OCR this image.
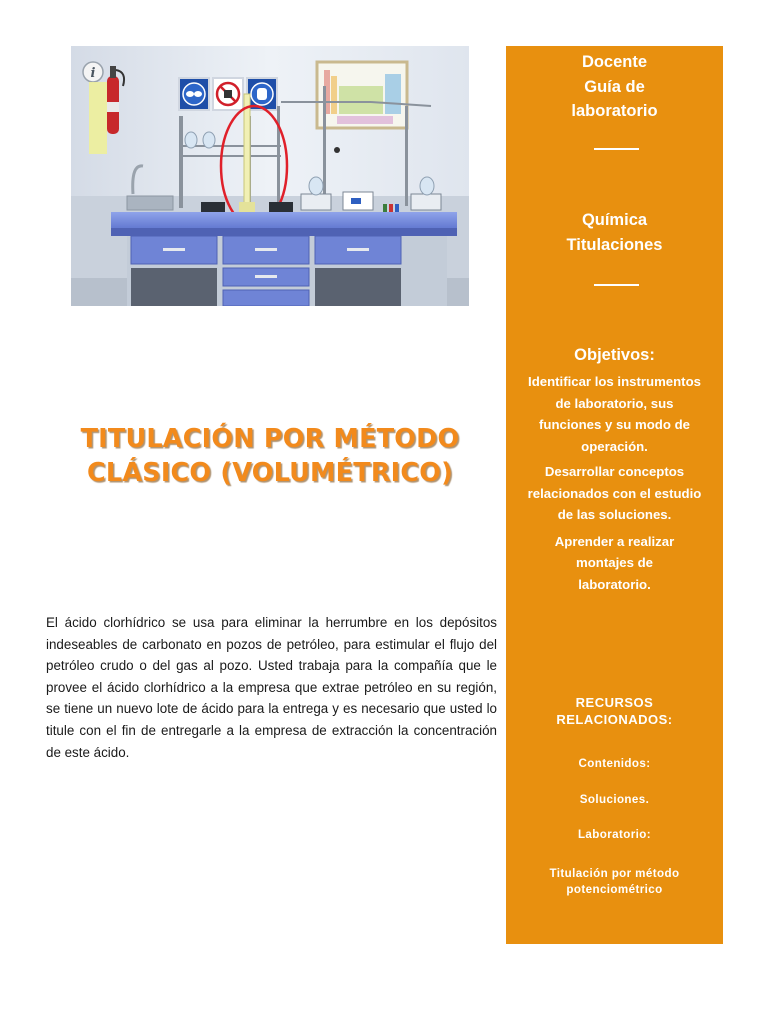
i
TITULACIÓN POR MÉTODO
CLÁSICO (VOLUMÉTRICO)

El ácido clorhídrico se usa para eliminar la herrumbre en los depósitos indeseables de carbonato en pozos de petróleo, para estimular el flujo del petróleo crudo o del gas al pozo. Usted trabaja para la compañía que le provee el ácido clorhídrico a la empresa que extrae petróleo en su región, se tiene un nuevo lote de ácido para la entrega y es necesario que usted lo titule con el fin de entregarle a la empresa de extracción la concentración de este ácido.

Docente
Guía de
laboratorio
Química
Titulaciones
Objetivos:

Identificar los instrumentos de laboratorio, sus funciones y su modo de operación.

Desarrollar conceptos relacionados con el estudio de las soluciones.

Aprender a realizar montajes de laboratorio.

RECURSOS
RELACIONADOS:
Contenidos:
Soluciones.
Laboratorio:
Titulación por método potenciométrico
